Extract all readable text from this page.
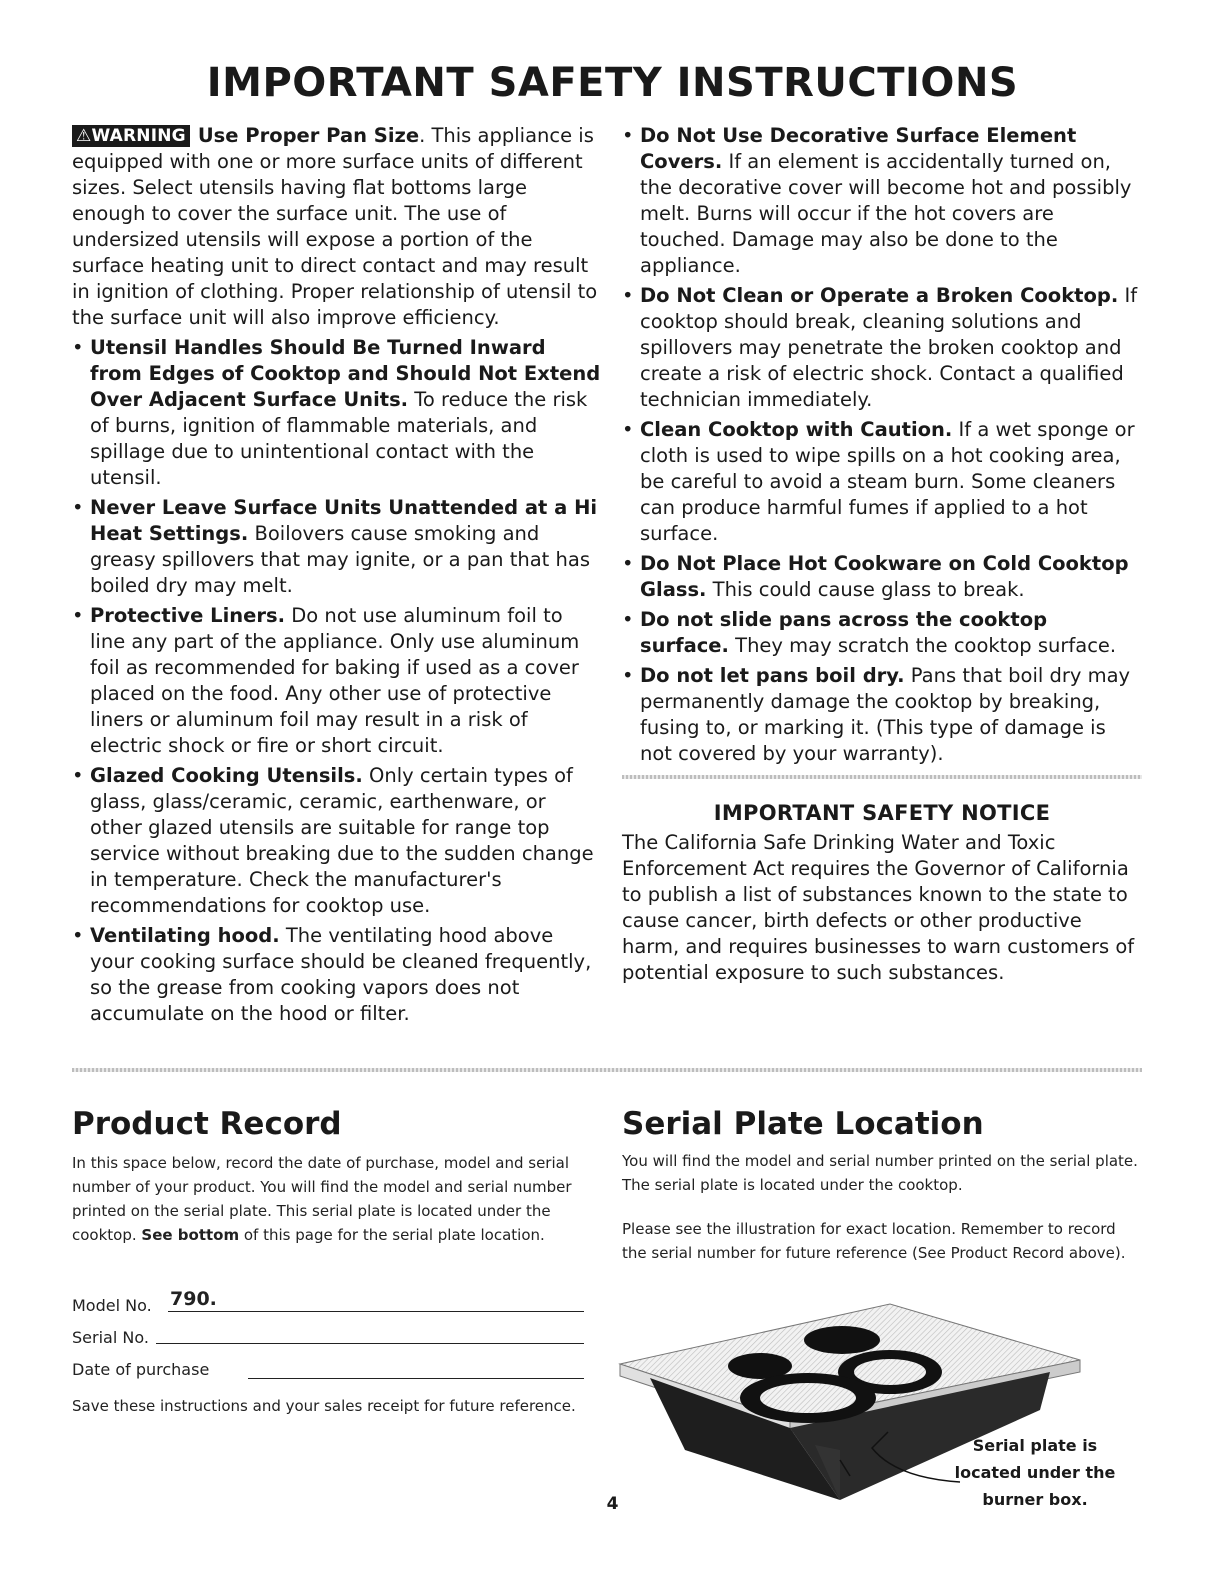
IMPORTANT SAFETY INSTRUCTIONS

⚠WARNING Use Proper Pan Size. This appliance is equipped with one or more surface units of different sizes. Select utensils having flat bottoms large enough to cover the surface unit. The use of undersized utensils will expose a portion of the surface heating unit to direct contact and may result in ignition of clothing. Proper relationship of utensil to the surface unit will also improve efficiency.

• Utensil Handles Should Be Turned Inward from Edges of Cooktop and Should Not Extend Over Adjacent Surface Units. To reduce the risk of burns, ignition of flammable materials, and spillage due to unintentional contact with the utensil.
• Never Leave Surface Units Unattended at a Hi Heat Settings. Boilovers cause smoking and greasy spillovers that may ignite, or a pan that has boiled dry may melt.
• Protective Liners. Do not use aluminum foil to line any part of the appliance. Only use aluminum foil as recommended for baking if used as a cover placed on the food. Any other use of protective liners or aluminum foil may result in a risk of electric shock or fire or short circuit.
• Glazed Cooking Utensils. Only certain types of glass, glass/ceramic, ceramic, earthenware, or other glazed utensils are suitable for range top service without breaking due to the sudden change in temperature. Check the manufacturer's recommendations for cooktop use.
• Ventilating hood. The ventilating hood above your cooking surface should be cleaned frequently, so the grease from cooking vapors does not accumulate on the hood or filter.
• Do Not Use Decorative Surface Element Covers. If an element is accidentally turned on, the decorative cover will become hot and possibly melt. Burns will occur if the hot covers are touched. Damage may also be done to the appliance.
• Do Not Clean or Operate a Broken Cooktop. If cooktop should break, cleaning solutions and spillovers may penetrate the broken cooktop and create a risk of electric shock. Contact a qualified technician immediately.
• Clean Cooktop with Caution. If a wet sponge or cloth is used to wipe spills on a hot cooking area, be careful to avoid a steam burn. Some cleaners can produce harmful fumes if applied to a hot surface.
• Do Not Place Hot Cookware on Cold Cooktop Glass. This could cause glass to break.
• Do not slide pans across the cooktop surface. They may scratch the cooktop surface.
• Do not let pans boil dry. Pans that boil dry may permanently damage the cooktop by breaking, fusing to, or marking it. (This type of damage is not covered by your warranty).

IMPORTANT SAFETY NOTICE

The California Safe Drinking Water and Toxic Enforcement Act requires the Governor of California to publish a list of substances known to the state to cause cancer, birth defects or other productive harm, and requires businesses to warn customers of potential exposure to such substances.

Product Record

In this space below, record the date of purchase, model and serial number of your product. You will find the model and serial number printed on the serial plate. This serial plate is located under the cooktop. See bottom of this page for the serial plate location.

Model No. 790.
Serial No.
Date of purchase

Save these instructions and your sales receipt for future reference.

Serial Plate Location

You will find the model and serial number printed on the serial plate. The serial plate is located under the cooktop.

Please see the illustration for exact location. Remember to record the serial number for future reference (See Product Record above).

Serial plate is
located under the
burner box.
4
